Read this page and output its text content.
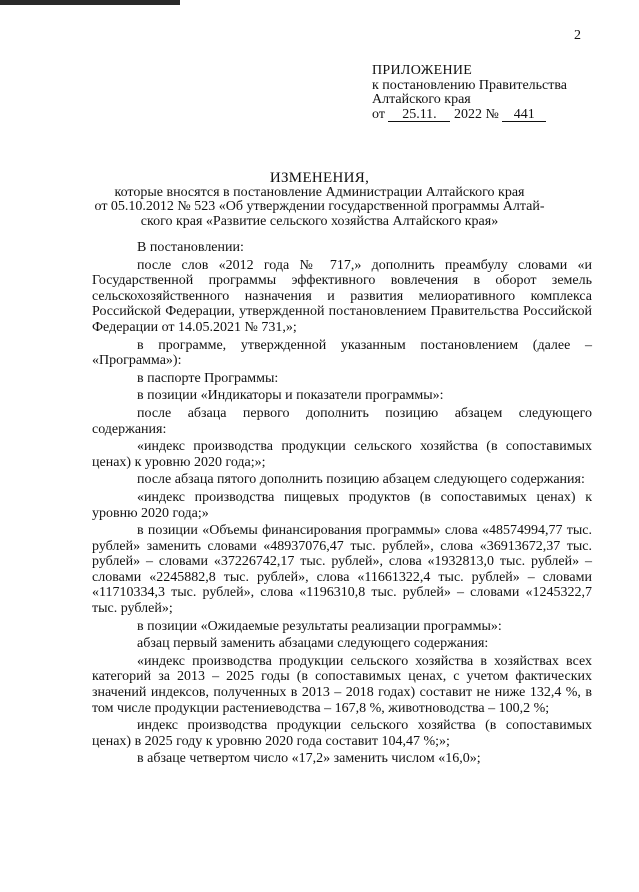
2
ПРИЛОЖЕНИЕ
к постановлению Правительства
Алтайского края
от 25.11. 2022 № 441
ИЗМЕНЕНИЯ,
которые вносятся в постановление Администрации Алтайского края
от 05.10.2012 № 523 «Об утверждении государственной программы Алтай-
ского края «Развитие сельского хозяйства Алтайского края»

В постановлении:

после слов «2012 года № 717,» дополнить преамбулу словами «и Государственной программы эффективного вовлечения в оборот земель сельскохозяйственного назначения и развития мелиоративного комплекса Российской Федерации, утвержденной постановлением Правительства Российской Федерации от 14.05.2021 № 731,»;

в программе, утвержденной указанным постановлением (далее – «Программа»):

в паспорте Программы:

в позиции «Индикаторы и показатели программы»:

после абзаца первого дополнить позицию абзацем следующего содержания:

«индекс производства продукции сельского хозяйства (в сопоставимых ценах) к уровню 2020 года;»;

после абзаца пятого дополнить позицию абзацем следующего содержания:

«индекс производства пищевых продуктов (в сопоставимых ценах) к уровню 2020 года;»

в позиции «Объемы финансирования программы» слова «48574994,77 тыс. рублей» заменить словами «48937076,47 тыс. рублей», слова «36913672,37 тыс. рублей» – словами «37226742,17 тыс. рублей», слова «1932813,0 тыс. рублей» – словами «2245882,8 тыс. рублей», слова «11661322,4 тыс. рублей» – словами «11710334,3 тыс. рублей», слова «1196310,8 тыс. рублей» – словами «1245322,7 тыс. рублей»;

в позиции «Ожидаемые результаты реализации программы»:

абзац первый заменить абзацами следующего содержания:

«индекс производства продукции сельского хозяйства в хозяйствах всех категорий за 2013 – 2025 годы (в сопоставимых ценах, с учетом фактических значений индексов, полученных в 2013 – 2018 годах) составит не ниже 132,4 %, в том числе продукции растениеводства – 167,8 %, животноводства – 100,2 %;

индекс производства продукции сельского хозяйства (в сопоставимых ценах) в 2025 году к уровню 2020 года составит 104,47 %;»;

в абзаце четвертом число «17,2» заменить числом «16,0»;
